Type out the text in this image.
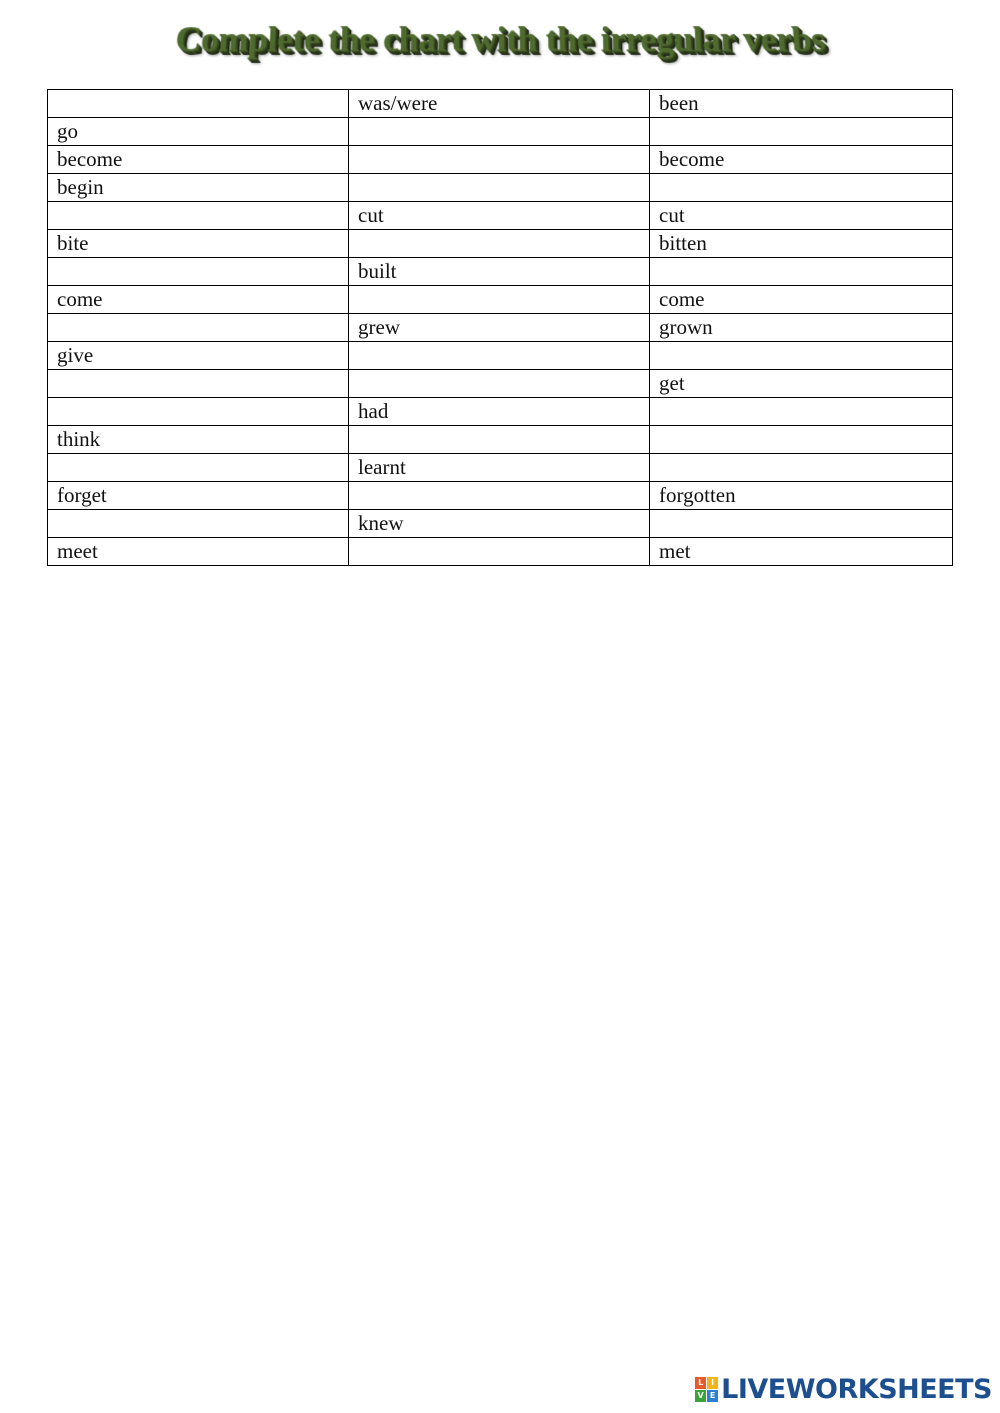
Complete the chart with the irregular verbs
	was/were	been
go		
become		become
begin		
	cut	cut
bite		bitten
	built	
come		come
	grew	grown
give		
		get
	had	
think		
	learnt	
forget		forgotten
	knew	
meet		met
L I
V E LIVEWORKSHEETS
